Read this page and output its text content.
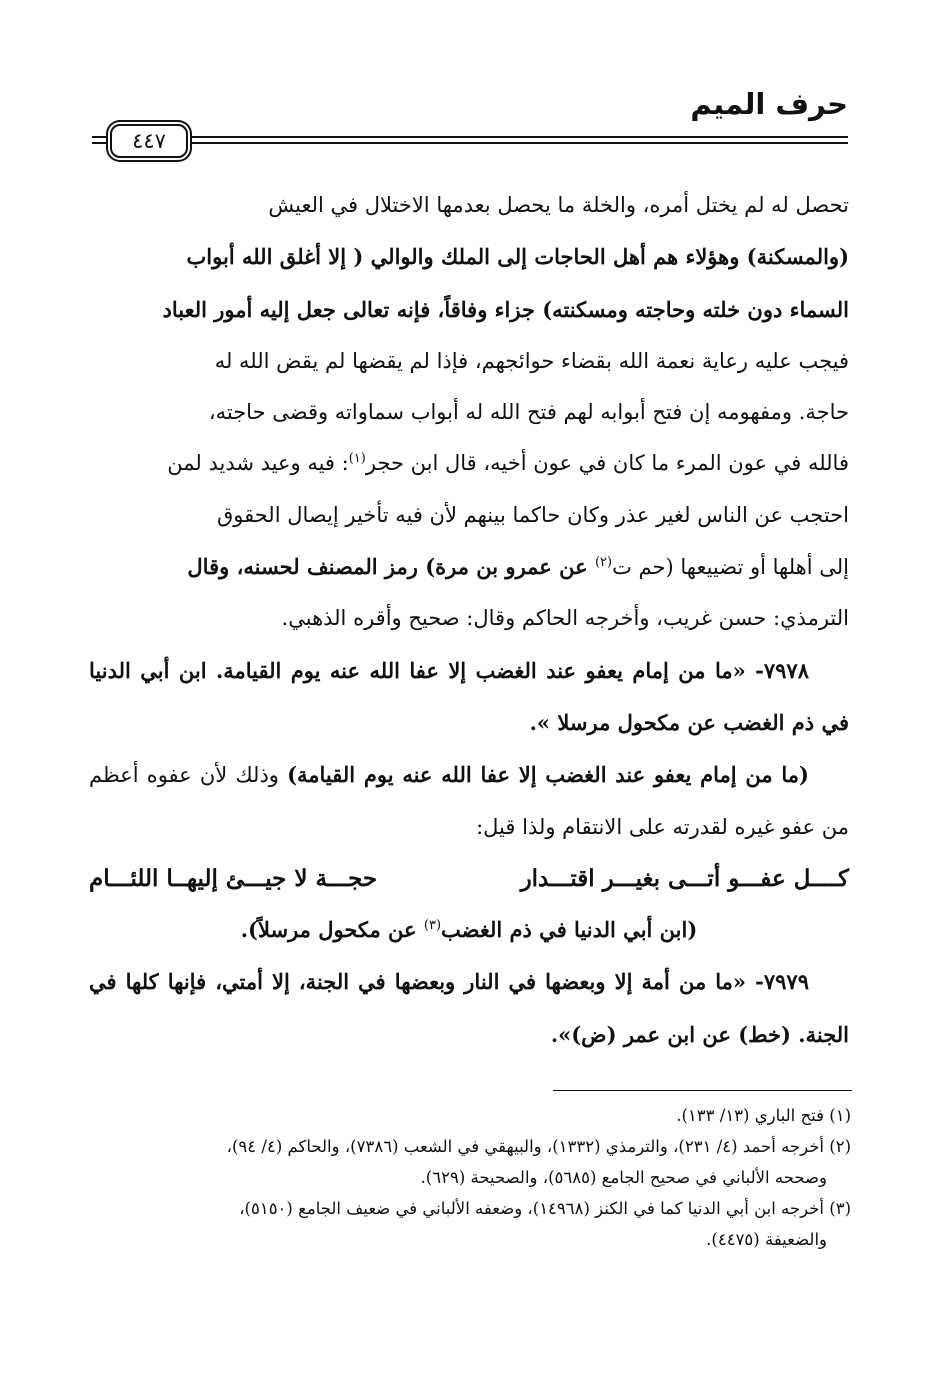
حرف الميم
٤٤٧

تحصل له لم يختل أمره، والخلة ما يحصل بعدمها الاختلال في العيش

(والمسكنة) وهؤلاء هم أهل الحاجات إلى الملك والوالي ( إلا أغلق الله أبواب

السماء دون خلته وحاجته ومسكنته) جزاء وفاقاً، فإنه تعالى جعل إليه أمور العباد

فيجب عليه رعاية نعمة الله بقضاء حوائجهم، فإذا لم يقضها لم يقض الله له

حاجة. ومفهومه إن فتح أبوابه لهم فتح الله له أبواب سماواته وقضى حاجته،

فالله في عون المرء ما كان في عون أخيه، قال ابن حجر$^{(١)}$: فيه وعيد شديد لمن

احتجب عن الناس لغير عذر وكان حاكما بينهم لأن فيه تأخير إيصال الحقوق

إلى أهلها أو تضييعها (حم ت$^{(٢)}$ عن عمرو بن مرة) رمز المصنف لحسنه، وقال

الترمذي: حسن غريب، وأخرجه الحاكم وقال: صحيح وأقره الذهبي.

٧٩٧٨- «ما من إمام يعفو عند الغضب إلا عفا الله عنه يوم القيامة. ابن أبي الدنيا في ذم الغضب عن مكحول مرسلا ».

(ما من إمام يعفو عند الغضب إلا عفا الله عنه يوم القيامة) وذلك لأن عفوه أعظم من عفو غيره لقدرته على الانتقام ولذا قيل:

كــــل عفـــو أتـــى بغيـــر اقتـــدار
حجـــة لا جيـــئ إليهــا اللئـــام

(ابن أبي الدنيا في ذم الغضب$^{(٣)}$ عن مكحول مرسلاً).

٧٩٧٩- «ما من أمة إلا وبعضها في النار وبعضها في الجنة، إلا أمتي، فإنها كلها في الجنة. (خط) عن ابن عمر (ض)».

(١) فتح الباري (١٣/ ١٣٣).

(٢) أخرجه أحمد (٤/ ٢٣١)، والترمذي (١٣٣٢)، والبيهقي في الشعب (٧٣٨٦)، والحاكم (٤/ ٩٤)،

وصححه الألباني في صحيح الجامع (٥٦٨٥)، والصحيحة (٦٢٩).

(٣) أخرجه ابن أبي الدنيا كما في الكنز (١٤٩٦٨)، وضعفه الألباني في ضعيف الجامع (٥١٥٠)،

والضعيفة (٤٤٧٥).
